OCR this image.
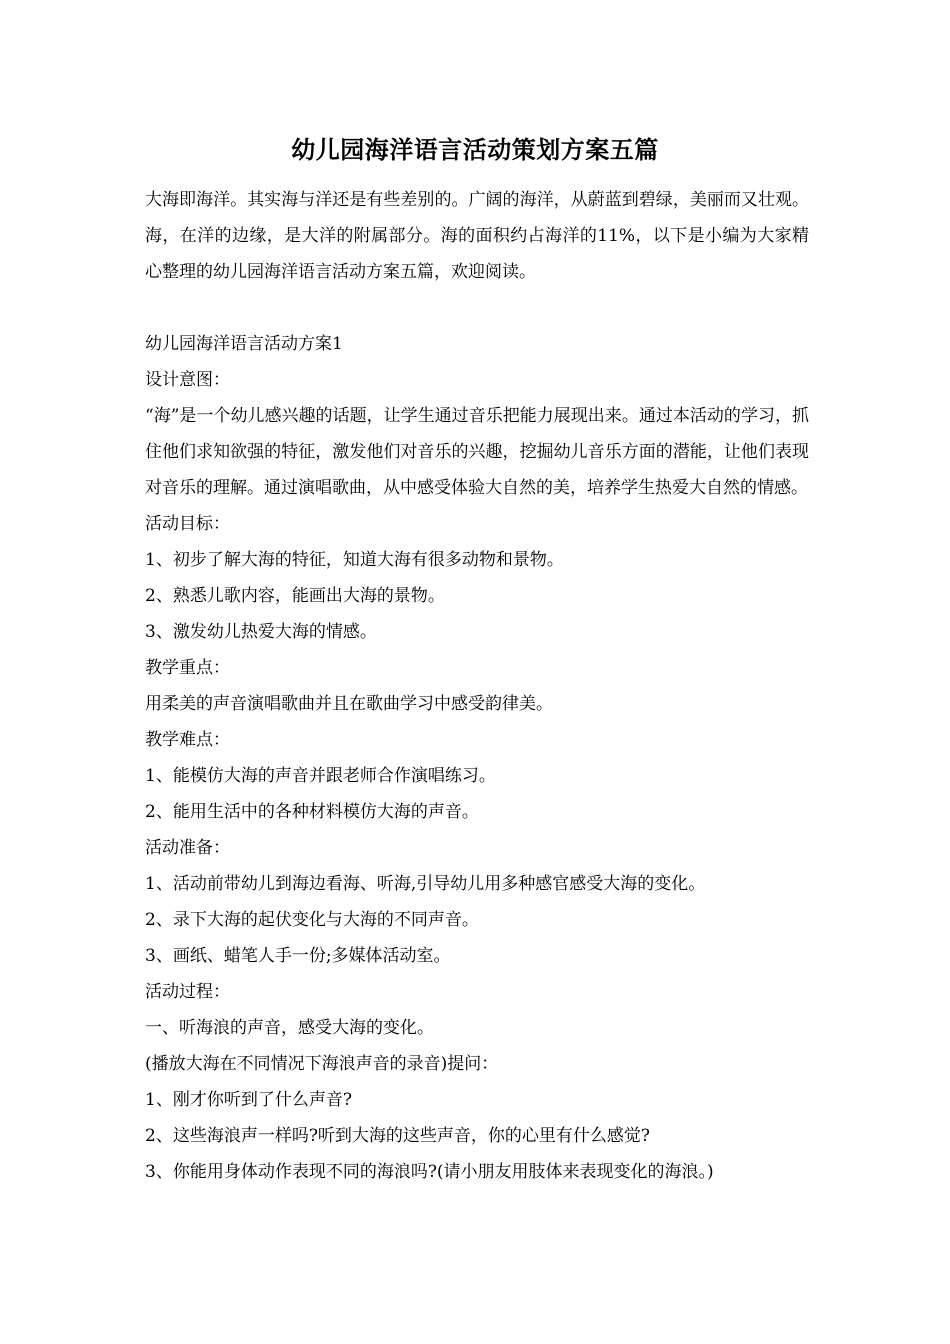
幼儿园海洋语言活动策划方案五篇

大海即海洋。其实海与洋还是有些差别的。广阔的海洋，从蔚蓝到碧绿，美丽而又壮观。海，在洋的边缘，是大洋的附属部分。海的面积约占海洋的11%，以下是小编为大家精心整理的幼儿园海洋语言活动方案五篇，欢迎阅读。

幼儿园海洋语言活动方案1
设计意图：

“海”是一个幼儿感兴趣的话题，让学生通过音乐把能力展现出来。通过本活动的学习，抓住他们求知欲强的特征，激发他们对音乐的兴趣，挖掘幼儿音乐方面的潜能，让他们表现对音乐的理解。通过演唱歌曲，从中感受体验大自然的美，培养学生热爱大自然的情感。

活动目标：
1、初步了解大海的特征，知道大海有很多动物和景物。
2、熟悉儿歌内容，能画出大海的景物。
3、激发幼儿热爱大海的情感。
教学重点：
用柔美的声音演唱歌曲并且在歌曲学习中感受韵律美。
教学难点：
1、能模仿大海的声音并跟老师合作演唱练习。
2、能用生活中的各种材料模仿大海的声音。
活动准备：
1、活动前带幼儿到海边看海、听海,引导幼儿用多种感官感受大海的变化。
2、录下大海的起伏变化与大海的不同声音。
3、画纸、蜡笔人手一份;多媒体活动室。
活动过程：
一、听海浪的声音，感受大海的变化。
(播放大海在不同情况下海浪声音的录音)提问：
1、刚才你听到了什么声音?
2、这些海浪声一样吗?听到大海的这些声音，你的心里有什么感觉?
3、你能用身体动作表现不同的海浪吗?(请小朋友用肢体来表现变化的海浪。)
